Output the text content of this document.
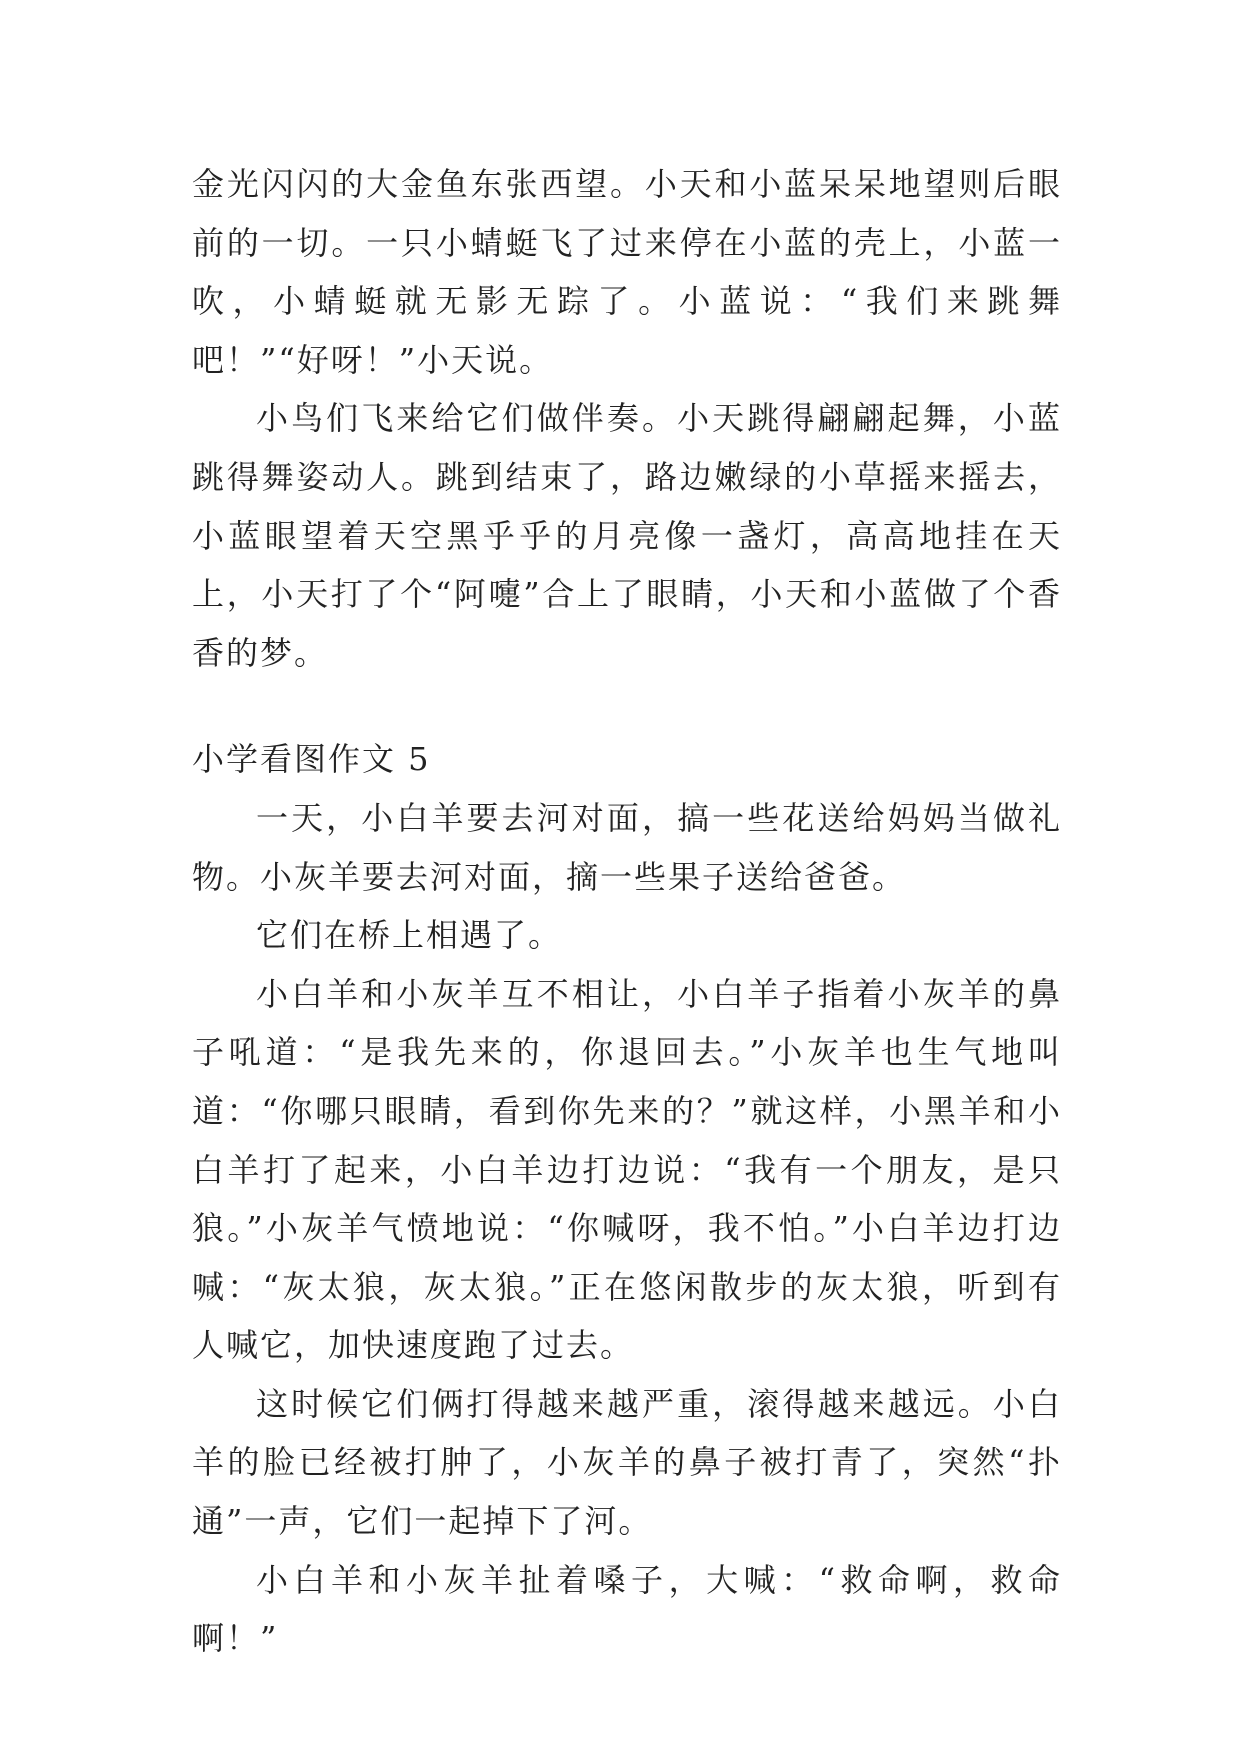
金光闪闪的大金鱼东张西望。小天和小蓝呆呆地望则后眼前的一切。一只小蜻蜓飞了过来停在小蓝的壳上，小蓝一吹，小蜻蜓就无影无踪了。小蓝说：“我们来跳舞吧！”“好呀！”小天说。

小鸟们飞来给它们做伴奏。小天跳得翩翩起舞，小蓝跳得舞姿动人。跳到结束了，路边嫩绿的小草摇来摇去，小蓝眼望着天空黑乎乎的月亮像一盏灯，高高地挂在天上，小天打了个“阿嚏”合上了眼睛，小天和小蓝做了个香香的梦。

小学看图作文 5

一天，小白羊要去河对面，搞一些花送给妈妈当做礼物。小灰羊要去河对面，摘一些果子送给爸爸。

它们在桥上相遇了。

小白羊和小灰羊互不相让，小白羊子指着小灰羊的鼻子吼道：“是我先来的，你退回去。”小灰羊也生气地叫道：“你哪只眼睛，看到你先来的？”就这样，小黑羊和小白羊打了起来，小白羊边打边说：“我有一个朋友，是只狼。”小灰羊气愤地说：“你喊呀，我不怕。”小白羊边打边喊：“灰太狼，灰太狼。”正在悠闲散步的灰太狼，听到有人喊它，加快速度跑了过去。

这时候它们俩打得越来越严重，滚得越来越远。小白羊的脸已经被打肿了，小灰羊的鼻子被打青了，突然“扑通”一声，它们一起掉下了河。

小白羊和小灰羊扯着嗓子，大喊：“救命啊，救命啊！”
